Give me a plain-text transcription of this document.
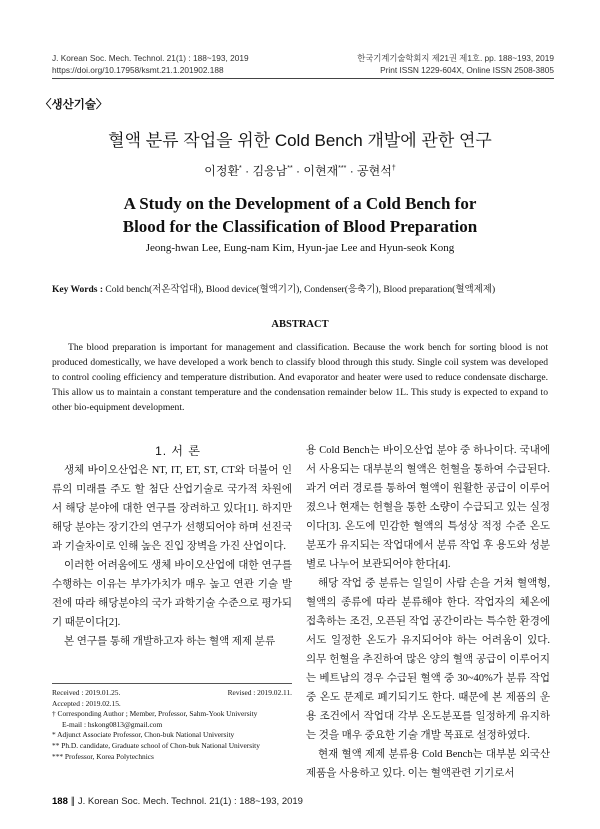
J. Korean Soc. Mech. Technol. 21(1) : 188~193, 2019	한국기계기술학회지 제21권 제1호. pp. 188~193, 2019
https://doi.org/10.17958/ksmt.21.1.201902.188	Print ISSN 1229-604X, Online ISSN 2508-3805
〈생산기술〉
혈액 분류 작업을 위한 Cold Bench 개발에 관한 연구
이정환* · 김응남** · 이현재*** · 공현석†
A Study on the Development of a Cold Bench for
Blood for the Classification of Blood Preparation
Jeong-hwan Lee, Eung-nam Kim, Hyun-jae Lee and Hyun-seok Kong
Key Words : Cold bench(저온작업대), Blood device(혈액기기), Condenser(응축기), Blood preparation(혈액제제)
ABSTRACT
The blood preparation is important for management and classification. Because the work bench for sorting blood is not produced domestically, we have developed a work bench to classify blood through this study. Single coil system was developed to control cooling efficiency and temperature distribution. And evaporator and heater were used to reduce condensate discharge. This allow us to maintain a constant temperature and the condensation remainder below 1L. This study is expected to expand to other bio-equipment development.

1. 서 론

생체 바이오산업은 NT, IT, ET, ST, CT와 더불어 인류의 미래를 주도 할 첨단 산업기술로 국가적 차원에서 해당 분야에 대한 연구를 장려하고 있다[1]. 하지만 해당 분야는 장기간의 연구가 선행되어야 하며 선진국과 기술차이로 인해 높은 진입 장벽을 가진 산업이다.

이러한 어려움에도 생체 바이오산업에 대한 연구를 수행하는 이유는 부가가치가 매우 높고 연관 기술 발전에 따라 해당분야의 국가 과학기술 수준으로 평가되기 때문이다[2].

본 연구를 통해 개발하고자 하는 혈액 제제 분류

용 Cold Bench는 바이오산업 분야 중 하나이다. 국내에서 사용되는 대부분의 혈액은 헌혈을 통하여 수급된다. 과거 여러 경로를 통하여 혈액이 원활한 공급이 이루어졌으나 현재는 헌혈을 통한 소량이 수급되고 있는 실정이다[3]. 온도에 민감한 혈액의 특성상 적정 수준 온도 분포가 유지되는 작업대에서 분류 작업 후 용도와 성분 별로 나누어 보관되어야 한다[4].

해당 작업 중 분류는 일일이 사람 손을 거쳐 혈액형, 혈액의 종류에 따라 분류해야 한다. 작업자의 체온에 접촉하는 조건, 오픈된 작업 공간이라는 특수한 환경에서도 일정한 온도가 유지되어야 하는 어려움이 있다. 의무 헌혈을 추진하여 많은 양의 혈액 공급이 이루어지는 베트남의 경우 수급된 혈액 중 30~40%가 분류 작업 중 온도 문제로 폐기되기도 한다. 때문에 본 제품의 운용 조건에서 작업대 각부 온도분포를 일정하게 유지하는 것을 매우 중요한 기술 개발 목표로 설정하였다.

현재 혈액 제제 분류용 Cold Bench는 대부분 외국산 제품을 사용하고 있다. 이는 혈액관련 기기로서

Received : 2019.01.25.	Revised : 2019.02.11.
Accepted : 2019.02.15.
† Corresponding Author ; Member, Professor, Sahm-Yook University
E-mail : hskong0813@gmail.com
* Adjunct Associate Professor, Chon-buk National University
** Ph.D. candidate, Graduate school of Chon-buk National University
*** Professor, Korea Polytechnics
188 ∥ J. Korean Soc. Mech. Technol. 21(1) : 188~193, 2019
